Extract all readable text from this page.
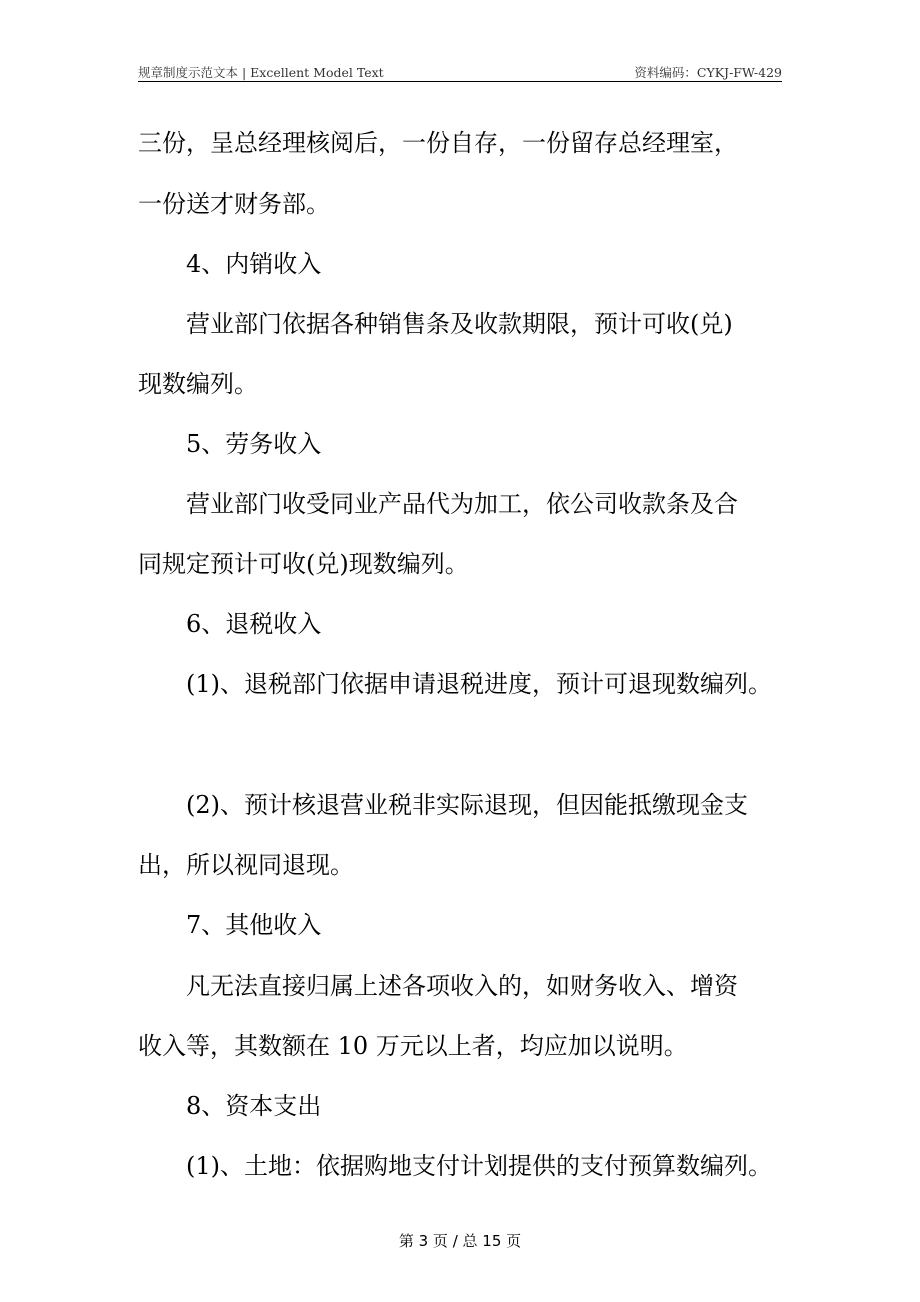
规章制度示范文本 | Excellent Model Text	资料编码：CYKJ-FW-429
三份，呈总经理核阅后，一份自存，一份留存总经理室，
一份送才财务部。
4、内销收入
营业部门依据各种销售条及收款期限，预计可收(兑)
现数编列。
5、劳务收入
营业部门收受同业产品代为加工，依公司收款条及合
同规定预计可收(兑)现数编列。
6、退税收入
(1)、退税部门依据申请退税进度，预计可退现数编列。
(2)、预计核退营业税非实际退现，但因能抵缴现金支
出，所以视同退现。
7、其他收入
凡无法直接归属上述各项收入的，如财务收入、增资
收入等，其数额在 10 万元以上者，均应加以说明。
8、资本支出
(1)、土地：依据购地支付计划提供的支付预算数编列。
第 3 页 / 总 15 页
